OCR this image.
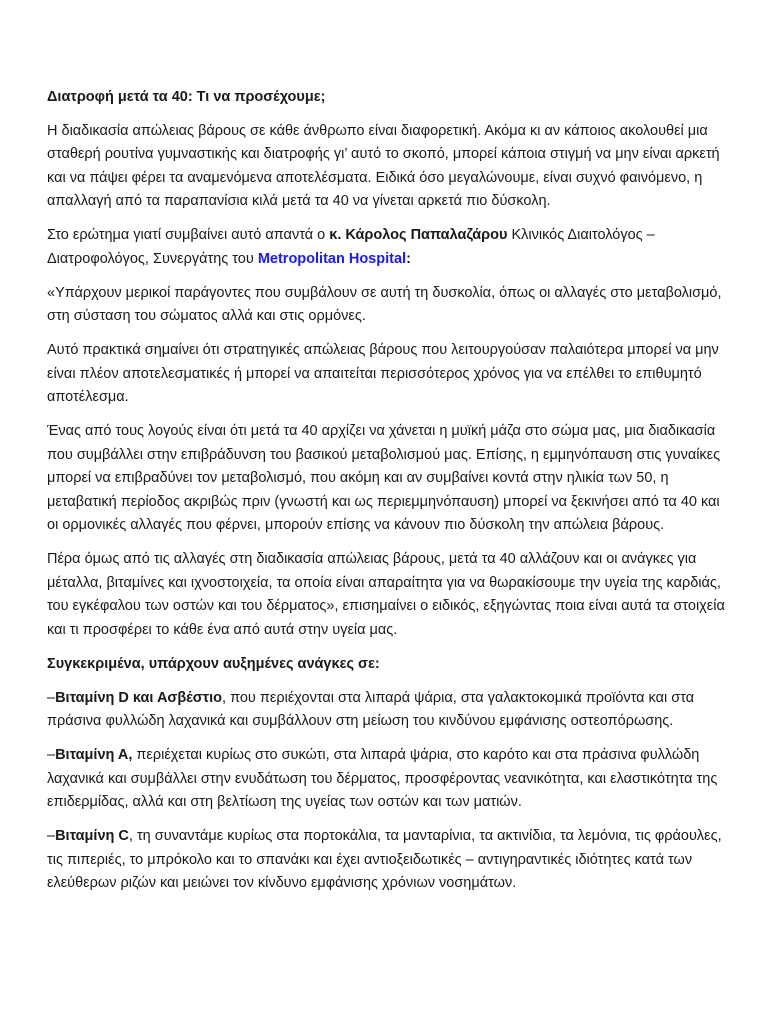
Διατροφή μετά τα 40: Τι να προσέχουμε;

Η διαδικασία απώλειας βάρους σε κάθε άνθρωπο είναι διαφορετική. Ακόμα κι αν κάποιος ακολουθεί μια σταθερή ρουτίνα γυμναστικής και διατροφής γι’ αυτό το σκοπό, μπορεί κάποια στιγμή να μην είναι αρκετή και να πάψει φέρει τα αναμενόμενα αποτελέσματα. Ειδικά όσο μεγαλώνουμε, είναι συχνό φαινόμενο, η απαλλαγή από τα παραπανίσια κιλά μετά τα 40 να γίνεται αρκετά πιο δύσκολη.

Στο ερώτημα γιατί συμβαίνει αυτό απαντά ο κ. Κάρολος Παπαλαζάρου Κλινικός Διαιτολόγος – Διατροφολόγος, Συνεργάτης του Metropolitan Hospital:

«Υπάρχουν μερικοί παράγοντες που συμβάλουν σε αυτή τη δυσκολία, όπως οι αλλαγές στο μεταβολισμό, στη σύσταση του σώματος αλλά και στις ορμόνες.

Αυτό πρακτικά σημαίνει ότι στρατηγικές απώλειας βάρους που λειτουργούσαν παλαιότερα μπορεί να μην είναι πλέον αποτελεσματικές ή μπορεί να απαιτείται περισσότερος χρόνος για να επέλθει το επιθυμητό αποτέλεσμα.

Ένας από τους λογούς είναι ότι μετά τα 40 αρχίζει να χάνεται η μυϊκή μάζα στο σώμα μας, μια διαδικασία που συμβάλλει στην επιβράδυνση του βασικού μεταβολισμού μας. Επίσης, η εμμηνόπαυση στις γυναίκες μπορεί να επιβραδύνει τον μεταβολισμό, που ακόμη και αν συμβαίνει κοντά στην ηλικία των 50, η μεταβατική περίοδος ακριβώς πριν (γνωστή και ως περιεμμηνόπαυση) μπορεί να ξεκινήσει από τα 40 και οι ορμονικές αλλαγές που φέρνει, μπορούν επίσης να κάνουν πιο δύσκολη την απώλεια βάρους.

Πέρα όμως από τις αλλαγές στη διαδικασία απώλειας βάρους, μετά τα 40 αλλάζουν και οι ανάγκες για μέταλλα, βιταμίνες και ιχνοστοιχεία, τα οποία είναι απαραίτητα για να θωρακίσουμε την υγεία της καρδιάς, του εγκέφαλου των οστών και του δέρματος», επισημαίνει ο ειδικός, εξηγώντας ποια είναι αυτά τα στοιχεία και τι προσφέρει το κάθε ένα από αυτά στην υγεία μας.

Συγκεκριμένα, υπάρχουν αυξημένες ανάγκες σε:

–Βιταμίνη D και Ασβέστιο, που περιέχονται στα λιπαρά ψάρια, στα γαλακτοκομικά προϊόντα και στα πράσινα φυλλώδη λαχανικά και συμβάλλουν στη μείωση του κινδύνου εμφάνισης οστεοπόρωσης.

–Βιταμίνη Α, περιέχεται κυρίως στο συκώτι, στα λιπαρά ψάρια, στο καρότο και στα πράσινα φυλλώδη λαχανικά και συμβάλλει στην ενυδάτωση του δέρματος, προσφέροντας νεανικότητα, και ελαστικότητα της επιδερμίδας, αλλά και στη βελτίωση της υγείας των οστών και των ματιών.

–Βιταμίνη C, τη συναντάμε κυρίως στα πορτοκάλια, τα μανταρίνια, τα ακτινίδια, τα λεμόνια, τις φράουλες, τις πιπεριές, το μπρόκολο και το σπανάκι και έχει αντιοξειδωτικές – αντιγηραντικές ιδιότητες κατά των ελεύθερων ριζών και μειώνει τον κίνδυνο εμφάνισης χρόνιων νοσημάτων.
